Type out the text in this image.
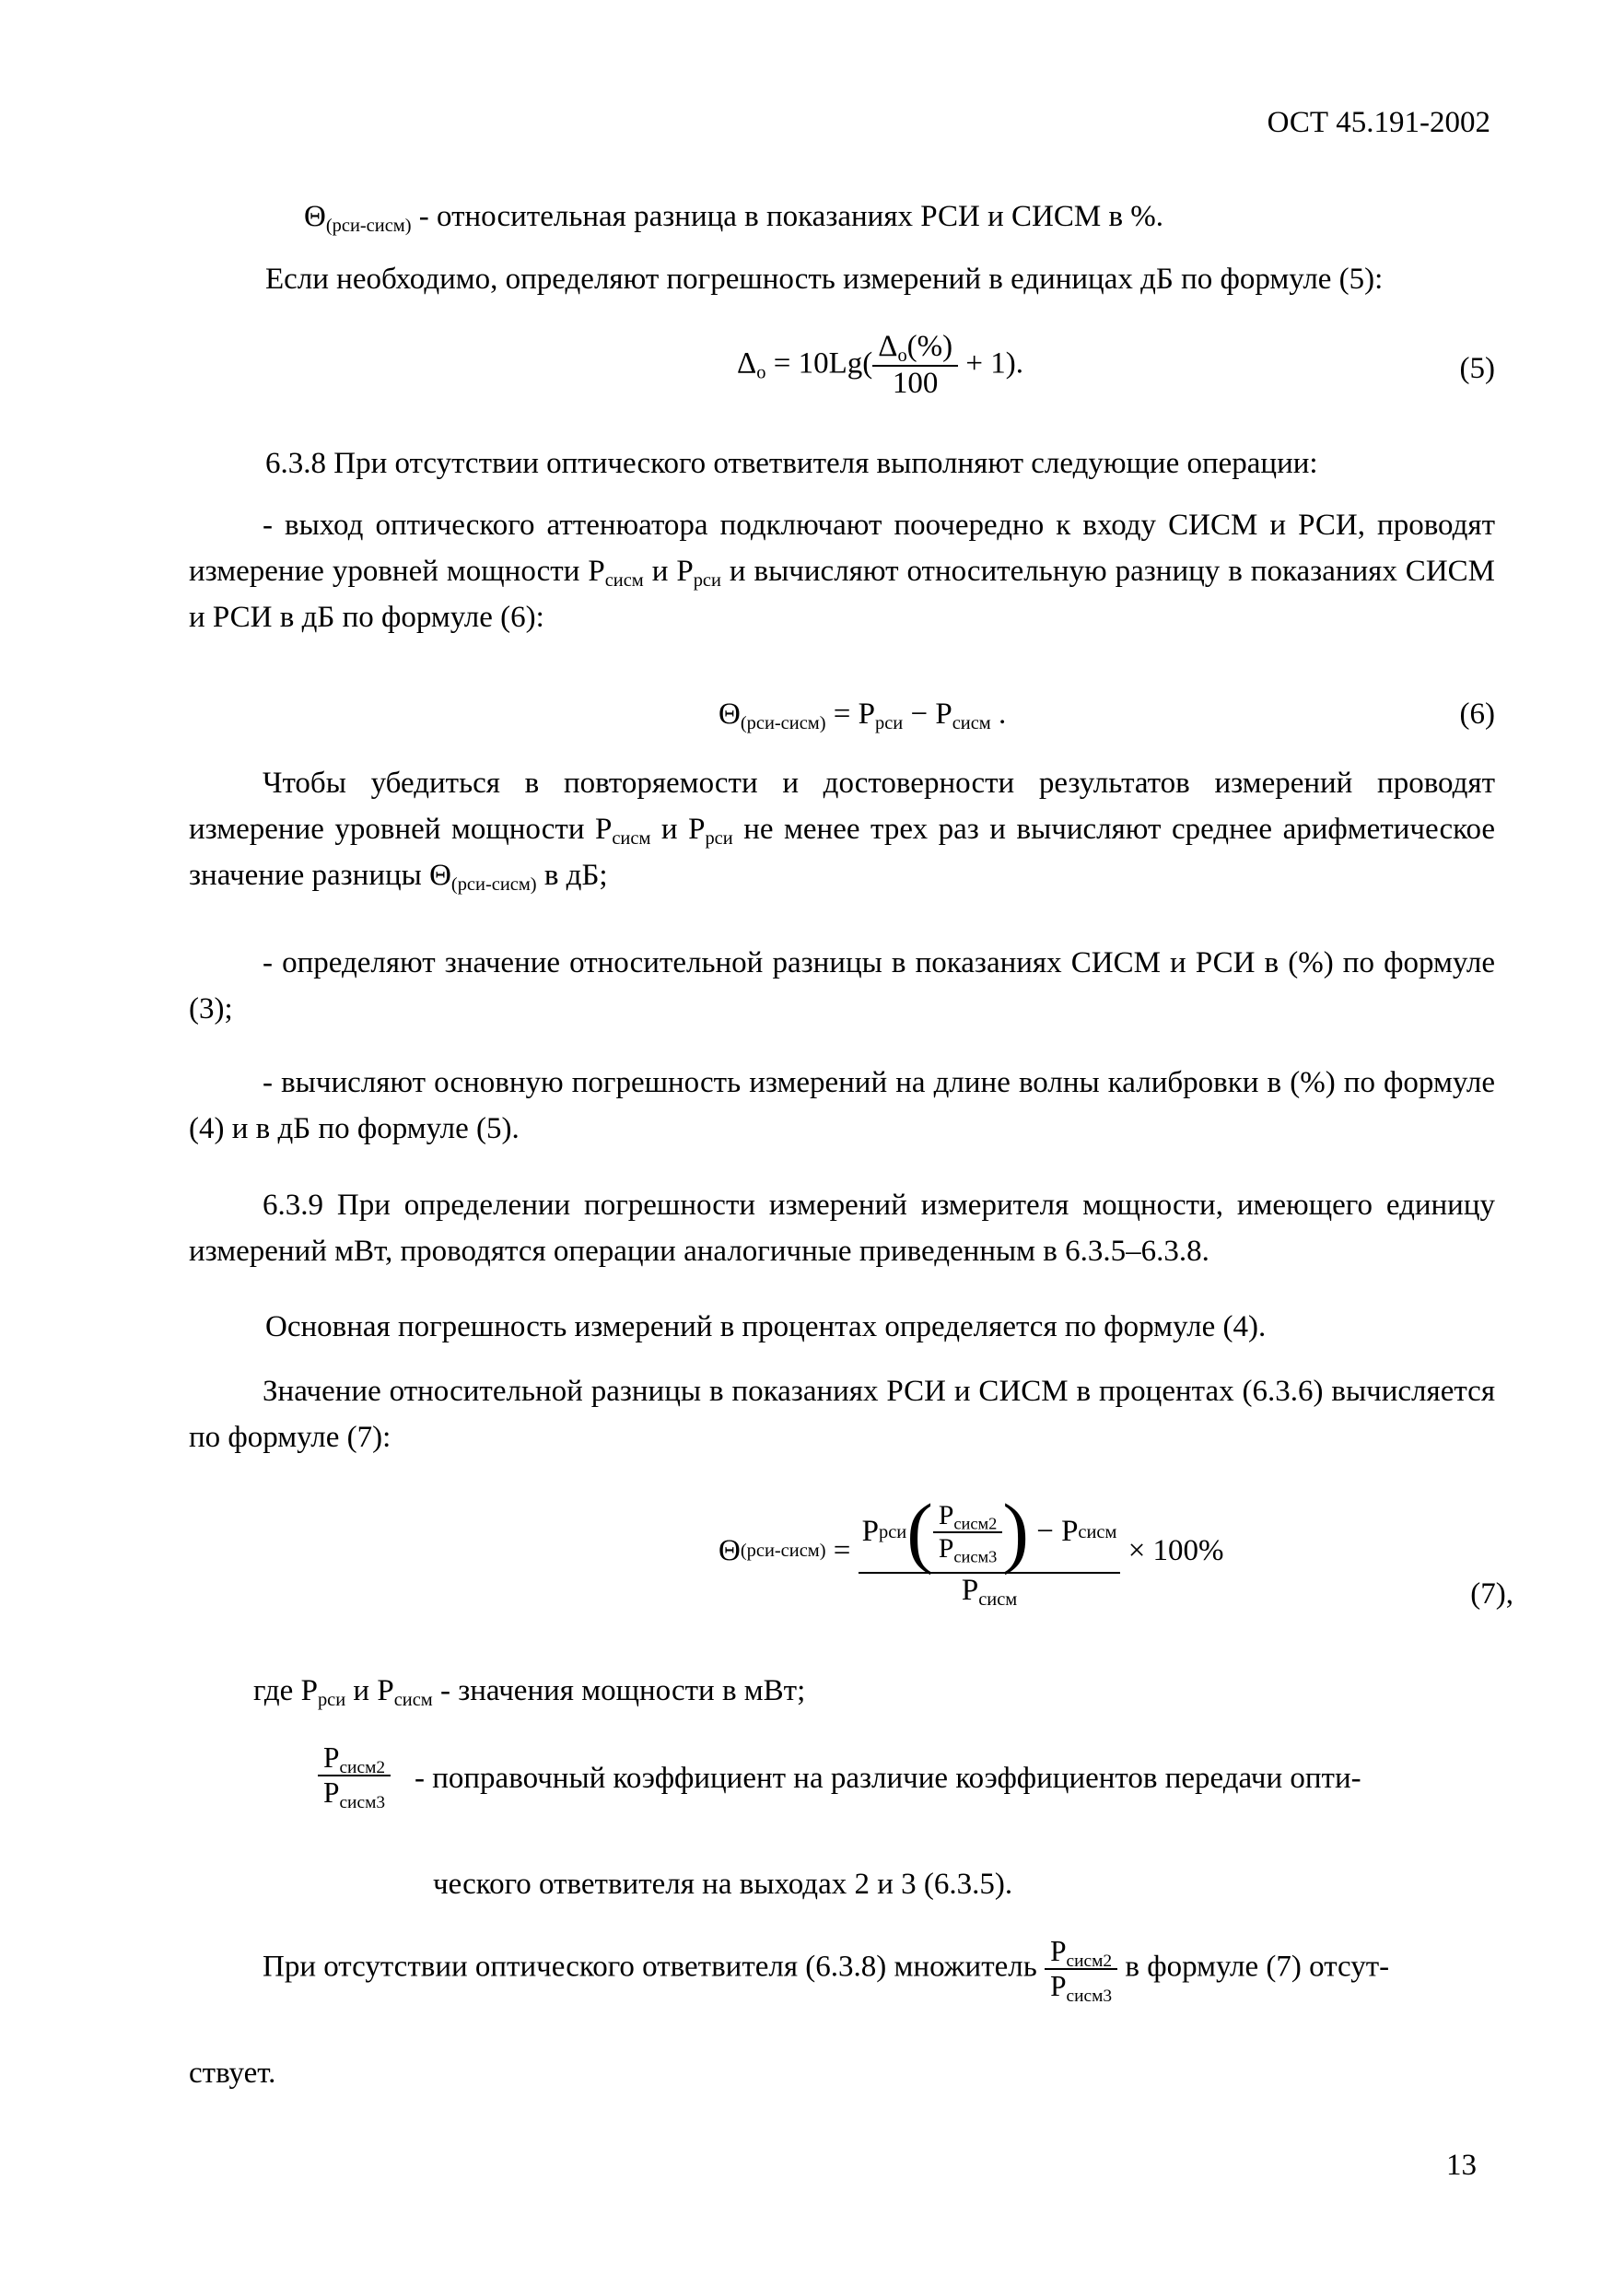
ОСТ 45.191-2002
$\Theta_{(рси-сисм)}$ - относительная разница в показаниях РСИ и СИСМ в %.
Если необходимо, определяют погрешность измерений в единицах дБ по формуле (5):
$\Delta_о = 10Lg( \frac{\Delta_о(\%)}{100} + 1)$.	(5)
6.3.8 При отсутствии оптического ответвителя выполняют следующие операции:
- выход оптического аттенюатора подключают поочередно к входу СИСМ и РСИ, проводят измерение уровней мощности $Р_{сисм}$ и $Р_{рси}$ и вычисляют относительную разницу в показаниях СИСМ и РСИ в дБ по формуле (6):
$\Theta_{(рси-сисм)} = Р_{рси} - Р_{сисм}$ .	(6)
Чтобы убедиться в повторяемости и достоверности результатов измерений проводят измерение уровней мощности $Р_{сисм}$ и $Р_{рси}$ не менее трех раз и вычисляют среднее арифметическое значение разницы $\Theta_{(рси-сисм)}$ в дБ;
- определяют значение относительной разницы в показаниях СИСМ и РСИ в (%) по формуле (3);
- вычисляют основную погрешность измерений на длине волны калибровки в (%) по формуле (4) и в дБ по формуле (5).
6.3.9 При определении погрешности измерений измерителя мощности, имеющего единицу измерений мВт, проводятся операции аналогичные приведенным в 6.3.5–6.3.8.
Основная погрешность измерений в процентах определяется по формуле (4).
Значение относительной разницы в показаниях РСИ и СИСМ в процентах (6.3.6) вычисляется по формуле (7):
Θ (рси-сисм) =
Р рси ( $\frac{Р_{сисм2}}{Р_{сисм3}}$ ) − Р сисм
$Р_{сисм}$
× 100%
(7),
где $Р_{рси}$ и $Р_{сисм}$ - значения мощности в мВт;
$\frac{Р_{сисм2}}{Р_{сисм3}}$ - поправочный коэффициент на различие коэффициентов передачи опти-
ческого ответвителя на выходах 2 и 3 (6.3.5).
При отсутствии оптического ответвителя (6.3.8) множитель $\frac{Р_{сисм2}}{Р_{сисм3}}$ в формуле (7) отсут-
ствует.
13
